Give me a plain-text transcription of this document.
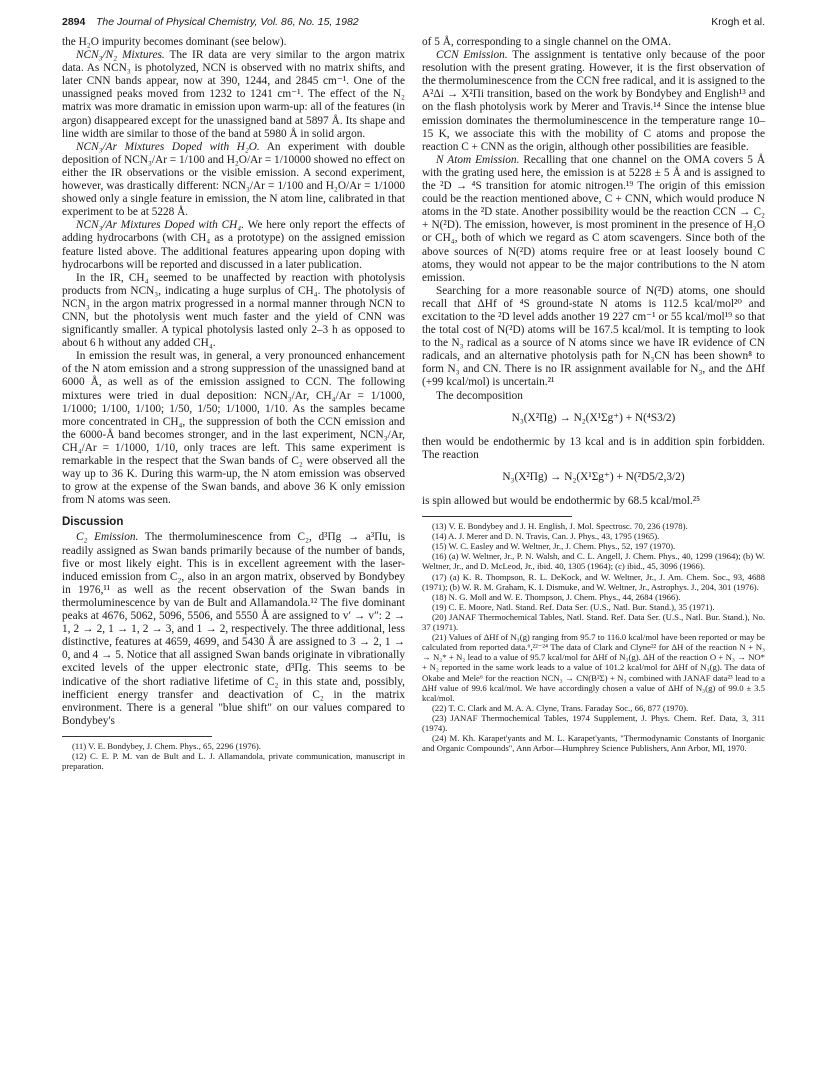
2894 The Journal of Physical Chemistry, Vol. 86, No. 15, 1982	Krogh et al.

the H₂O impurity becomes dominant (see below).

NCN₃/N₂ Mixtures. The IR data are very similar to the argon matrix data. As NCN₃ is photolyzed, NCN is observed with no matrix shifts, and later CNN bands appear, now at 390, 1244, and 2845 cm⁻¹. One of the unassigned peaks moved from 1232 to 1241 cm⁻¹. The effect of the N₂ matrix was more dramatic in emission upon warm-up: all of the features (in argon) disappeared except for the unassigned band at 5897 Å. Its shape and line width are similar to those of the band at 5980 Å in solid argon.

NCN₃/Ar Mixtures Doped with H₂O. An experiment with double deposition of NCN₃/Ar = 1/100 and H₂O/Ar = 1/10000 showed no effect on either the IR observations or the visible emission. A second experiment, however, was drastically different: NCN₃/Ar = 1/100 and H₂O/Ar = 1/1000 showed only a single feature in emission, the N atom line, calibrated in that experiment to be at 5228 Å.

NCN₃/Ar Mixtures Doped with CH₄. We here only report the effects of adding hydrocarbons (with CH₄ as a prototype) on the assigned emission feature listed above. The additional features appearing upon doping with hydrocarbons will be reported and discussed in a later publication.

In the IR, CH₄ seemed to be unaffected by reaction with photolysis products from NCN₃, indicating a huge surplus of CH₄. The photolysis of NCN₃ in the argon matrix progressed in a normal manner through NCN to CNN, but the photolysis went much faster and the yield of CNN was significantly smaller. A typical photolysis lasted only 2–3 h as opposed to about 6 h without any added CH₄.

In emission the result was, in general, a very pronounced enhancement of the N atom emission and a strong suppression of the unassigned band at 6000 Å, as well as of the emission assigned to CCN. The following mixtures were tried in dual deposition: NCN₃/Ar, CH₄/Ar = 1/1000, 1/1000; 1/100, 1/100; 1/50, 1/50; 1/1000, 1/10. As the samples became more concentrated in CH₄, the suppression of both the CCN emission and the 6000-Å band becomes stronger, and in the last experiment, NCN₃/Ar, CH₄/Ar = 1/1000, 1/10, only traces are left. This same experiment is remarkable in the respect that the Swan bands of C₂ were observed all the way up to 36 K. During this warm-up, the N atom emission was observed to grow at the expense of the Swan bands, and above 36 K only emission from N atoms was seen.

Discussion

C₂ Emission. The thermoluminescence from C₂, d³Πg → a³Πu, is readily assigned as Swan bands primarily because of the number of bands, five or most likely eight. This is in excellent agreement with the laser-induced emission from C₂, also in an argon matrix, observed by Bondybey in 1976,¹¹ as well as the recent observation of the Swan bands in thermoluminescence by van de Bult and Allamandola.¹² The five dominant peaks at 4676, 5062, 5096, 5506, and 5550 Å are assigned to v′ → v″: 2 → 1, 2 → 2, 1 → 1, 2 → 3, and 1 → 2, respectively. The three additional, less distinctive, features at 4659, 4699, and 5430 Å are assigned to 3 → 2, 1 → 0, and 4 → 5. Notice that all assigned Swan bands originate in vibrationally excited levels of the upper electronic state, d³Πg. This seems to be indicative of the short radiative lifetime of C₂ in this state and, possibly, inefficient energy transfer and deactivation of C₂ in the matrix environment. There is a general "blue shift" on our values compared to Bondybey's

(11) V. E. Bondybey, J. Chem. Phys., 65, 2296 (1976).

(12) C. E. P. M. van de Bult and L. J. Allamandola, private communication, manuscript in preparation.

of 5 Å, corresponding to a single channel on the OMA.

CCN Emission. The assignment is tentative only because of the poor resolution with the present grating. However, it is the first observation of the thermoluminescence from the CCN free radical, and it is assigned to the A²Δi → X²Πi transition, based on the work by Bondybey and English¹³ and on the flash photolysis work by Merer and Travis.¹⁴ Since the intense blue emission dominates the thermoluminescence in the temperature range 10–15 K, we associate this with the mobility of C atoms and propose the reaction C + CNN as the origin, although other possibilities are feasible.

N Atom Emission. Recalling that one channel on the OMA covers 5 Å with the grating used here, the emission is at 5228 ± 5 Å and is assigned to the ²D → ⁴S transition for atomic nitrogen.¹⁹ The origin of this emission could be the reaction mentioned above, C + CNN, which would produce N atoms in the ²D state. Another possibility would be the reaction CCN → C₂ + N(²D). The emission, however, is most prominent in the presence of H₂O or CH₄, both of which we regard as C atom scavengers. Since both of the above sources of N(²D) atoms require free or at least loosely bound C atoms, they would not appear to be the major contributions to the N atom emission.

Searching for a more reasonable source of N(²D) atoms, one should recall that ΔHf of ⁴S ground-state N atoms is 112.5 kcal/mol²⁰ and excitation to the ²D level adds another 19 227 cm⁻¹ or 55 kcal/mol¹⁹ so that the total cost of N(²D) atoms will be 167.5 kcal/mol. It is tempting to look to the N₃ radical as a source of N atoms since we have IR evidence of CN radicals, and an alternative photolysis path for N₃CN has been shown⁸ to form N₃ and CN. There is no IR assignment available for N₃, and the ΔHf (+99 kcal/mol) is uncertain.²¹

The decomposition

N₃(X²Πg) → N₂(X¹Σg⁺) + N(⁴S3/2)

then would be endothermic by 13 kcal and is in addition spin forbidden. The reaction

N₃(X²Πg) → N₂(X¹Σg⁺) + N(²D5/2,3/2)

is spin allowed but would be endothermic by 68.5 kcal/mol.²⁵

(13) V. E. Bondybey and J. H. English, J. Mol. Spectrosc. 70, 236 (1978).

(14) A. J. Merer and D. N. Travis, Can. J. Phys., 43, 1795 (1965).

(15) W. C. Easley and W. Weltner, Jr., J. Chem. Phys., 52, 197 (1970).

(16) (a) W. Weltner, Jr., P. N. Walsh, and C. L. Angell, J. Chem. Phys., 40, 1299 (1964); (b) W. Weltner, Jr., and D. McLeod, Jr., ibid. 40, 1305 (1964); (c) ibid., 45, 3096 (1966).

(17) (a) K. R. Thompson, R. L. DeKock, and W. Weltner, Jr., J. Am. Chem. Soc., 93, 4688 (1971); (b) W. R. M. Graham, K. I. Dismuke, and W. Weltner, Jr., Astrophys. J., 204, 301 (1976).

(18) N. G. Moll and W. E. Thompson, J. Chem. Phys., 44, 2684 (1966).

(19) C. E. Moore, Natl. Stand. Ref. Data Ser. (U.S., Natl. Bur. Stand.), 35 (1971).

(20) JANAF Thermochemical Tables, Natl. Stand. Ref. Data Ser. (U.S., Natl. Bur. Stand.), No. 37 (1971).

(21) Values of ΔHf of N₃(g) ranging from 95.7 to 116.0 kcal/mol have been reported or may be calculated from reported data.⁶,²²⁻²⁴ The data of Clark and Clyne²² for ΔH of the reaction N + N₃ → N₂* + N₂ lead to a value of 95.7 kcal/mol for ΔHf of N₃(g). ΔH of the reaction O + N₃ → NO* + N₂ reported in the same work leads to a value of 101.2 kcal/mol for ΔHf of N₃(g). The data of Okabe and Mele⁶ for the reaction NCN₃ → CN(B²Σ) + N₃ combined with JANAF data²³ lead to a ΔHf value of 99.6 kcal/mol. We have accordingly chosen a value of ΔHf of N₃(g) of 99.0 ± 3.5 kcal/mol.

(22) T. C. Clark and M. A. A. Clyne, Trans. Faraday Soc., 66, 877 (1970).

(23) JANAF Thermochemical Tables, 1974 Supplement, J. Phys. Chem. Ref. Data, 3, 311 (1974).

(24) M. Kh. Karapet'yants and M. L. Karapet'yants, "Thermodynamic Constants of Inorganic and Organic Compounds", Ann Arbor—Humphrey Science Publishers, Ann Arbor, MI, 1970.
